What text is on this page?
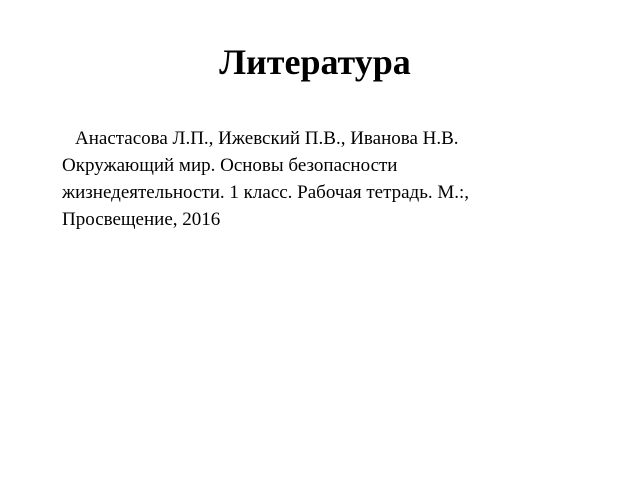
Литература

Анастасова Л.П., Ижевский П.В., Иванова Н.В.
Окружающий мир. Основы безопасности
жизнедеятельности. 1 класс. Рабочая тетрадь. М.:,
Просвещение, 2016
